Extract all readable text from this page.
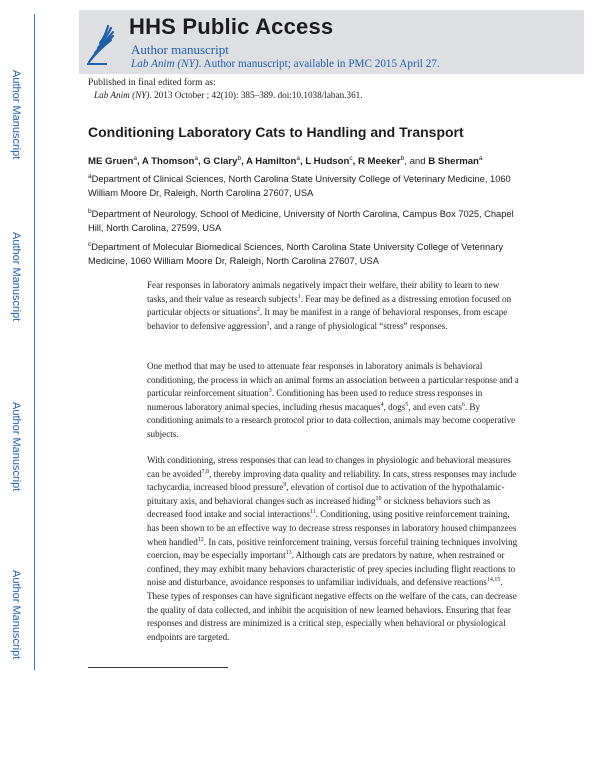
HHS Public Access
Author manuscript
Lab Anim (NY). Author manuscript; available in PMC 2015 April 27.
Author Manuscript
Author Manuscript
Author Manuscript
Author Manuscript
Published in final edited form as:
Lab Anim (NY). 2013 October ; 42(10): 385–389. doi:10.1038/laban.361.
Conditioning Laboratory Cats to Handling and Transport
ME Gruen$^a$, A Thomson$^a$, G Clary$^b$, A Hamilton$^a$, L Hudson$^c$, R Meeker$^b$, and B Sherman$^a$
$^a$Department of Clinical Sciences, North Carolina State University College of Veterinary Medicine, 1060 William Moore Dr, Raleigh, North Carolina 27607, USA
$^b$Department of Neurology, School of Medicine, University of North Carolina, Campus Box 7025, Chapel Hill, North Carolina, 27599, USA
$^c$Department of Molecular Biomedical Sciences, North Carolina State University College of Veterinary Medicine, 1060 William Moore Dr, Raleigh, North Carolina 27607, USA
Fear responses in laboratory animals negatively impact their welfare, their ability to learn to new tasks, and their value as research subjects$^1$. Fear may be defined as a distressing emotion focused on particular objects or situations$^2$. It may be manifest in a range of behavioral responses, from escape behavior to defensive aggression$^3$, and a range of physiological “stress” responses.
One method that may be used to attenuate fear responses in laboratory animals is behavioral conditioning, the process in which an animal forms an association between a particular response and a particular reinforcement situation$^3$. Conditioning has been used to reduce stress responses in numerous laboratory animal species, including rhesus macaques$^4$, dogs$^5$, and even cats$^6$. By conditioning animals to a research protocol prior to data collection, animals may become cooperative subjects.
With conditioning, stress responses that can lead to changes in physiologic and behavioral measures can be avoided$^{7,8}$, thereby improving data quality and reliability. In cats, stress responses may include tachycardia, increased blood pressure$^9$, elevation of cortisol due to activation of the hypothalamic-pituitary axis, and behavioral changes such as increased hiding$^{10}$ or sickness behaviors such as decreased food intake and social interactions$^{11}$. Conditioning, using positive reinforcement training, has been shown to be an effective way to decrease stress responses in laboratory housed chimpanzees when handled$^{12}$. In cats, positive reinforcement training, versus forceful training techniques involving coercion, may be especially important$^{13}$. Although cats are predators by nature, when restrained or confined, they may exhibit many behaviors characteristic of prey species including flight reactions to noise and disturbance, avoidance responses to unfamiliar individuals, and defensive reactions$^{14,15}$. These types of responses can have significant negative effects on the welfare of the cats, can decrease the quality of data collected, and inhibit the acquisition of new learned behaviors. Ensuring that fear responses and distress are minimized is a critical step, especially when behavioral or physiological endpoints are targeted.
